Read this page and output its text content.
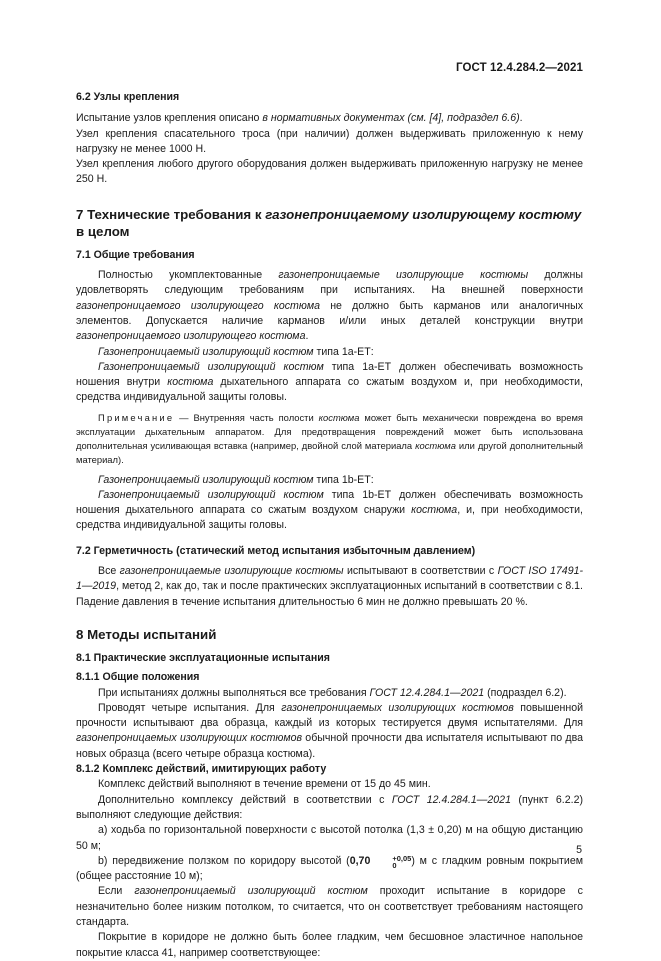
ГОСТ 12.4.284.2—2021

6.2 Узлы крепления

Испытание узлов крепления описано в нормативных документах (см. [4], подраздел 6.6).

Узел крепления спасательного троса (при наличии) должен выдерживать приложенную к нему нагрузку не менее 1000 Н.

Узел крепления любого другого оборудования должен выдерживать приложенную нагрузку не менее 250 Н.

7 Технические требования к газонепроницаемому изолирующему костюму в целом

7.1 Общие требования

Полностью укомплектованные газонепроницаемые изолирующие костюмы должны удовлетворять следующим требованиям при испытаниях. На внешней поверхности газонепроницаемого изолирующего костюма не должно быть карманов или аналогичных элементов. Допускается наличие карманов и/или иных деталей конструкции внутри газонепроницаемого изолирующего костюма.

Газонепроницаемый изолирующий костюм типа 1а-ЕТ:

Газонепроницаемый изолирующий костюм типа 1а-ЕТ должен обеспечивать возможность ношения внутри костюма дыхательного аппарата со сжатым воздухом и, при необходимости, средства индивидуальной защиты головы.

Примечание — Внутренняя часть полости костюма может быть механически повреждена во время эксплуатации дыхательным аппаратом. Для предотвращения повреждений может быть использована дополнительная усиливающая вставка (например, двойной слой материала костюма или другой дополнительный материал).

Газонепроницаемый изолирующий костюм типа 1b-ЕТ:

Газонепроницаемый изолирующий костюм типа 1b-ЕТ должен обеспечивать возможность ношения дыхательного аппарата со сжатым воздухом снаружи костюма, и, при необходимости, средства индивидуальной защиты головы.

7.2 Герметичность (статический метод испытания избыточным давлением)

Все газонепроницаемые изолирующие костюмы испытывают в соответствии с ГОСТ ISO 17491-1—2019, метод 2, как до, так и после практических эксплуатационных испытаний в соответствии с 8.1. Падение давления в течение испытания длительностью 6 мин не должно превышать 20 %.

8 Методы испытаний

8.1 Практические эксплуатационные испытания

8.1.1 Общие положения

При испытаниях должны выполняться все требования ГОСТ 12.4.284.1—2021 (подраздел 6.2).

Проводят четыре испытания. Для газонепроницаемых изолирующих костюмов повышенной прочности испытывают два образца, каждый из которых тестируется двумя испытателями. Для газонепроницаемых изолирующих костюмов обычной прочности два испытателя испытывают по два новых образца (всего четыре образца костюма).

8.1.2 Комплекс действий, имитирующих работу

Комплекс действий выполняют в течение времени от 15 до 45 мин.

Дополнительно комплексу действий в соответствии с ГОСТ 12.4.284.1—2021 (пункт 6.2.2) выполняют следующие действия:

а) ходьба по горизонтальной поверхности с высотой потолка (1,3 ± 0,20) м на общую дистанцию 50 м;

b) передвижение ползком по коридору высотой (0,70	+0,05
0	) м с гладким ровным покрытием (общее расстояние 10 м);

Если газонепроницаемый изолирующий костюм проходит испытание в коридоре с незначительно более низким потолком, то считается, что он соответствует требованиям настоящего стандарта.

Покрытие в коридоре не должно быть более гладким, чем бесшовное эластичное напольное покрытие класса 41, например соответствующее:

5
